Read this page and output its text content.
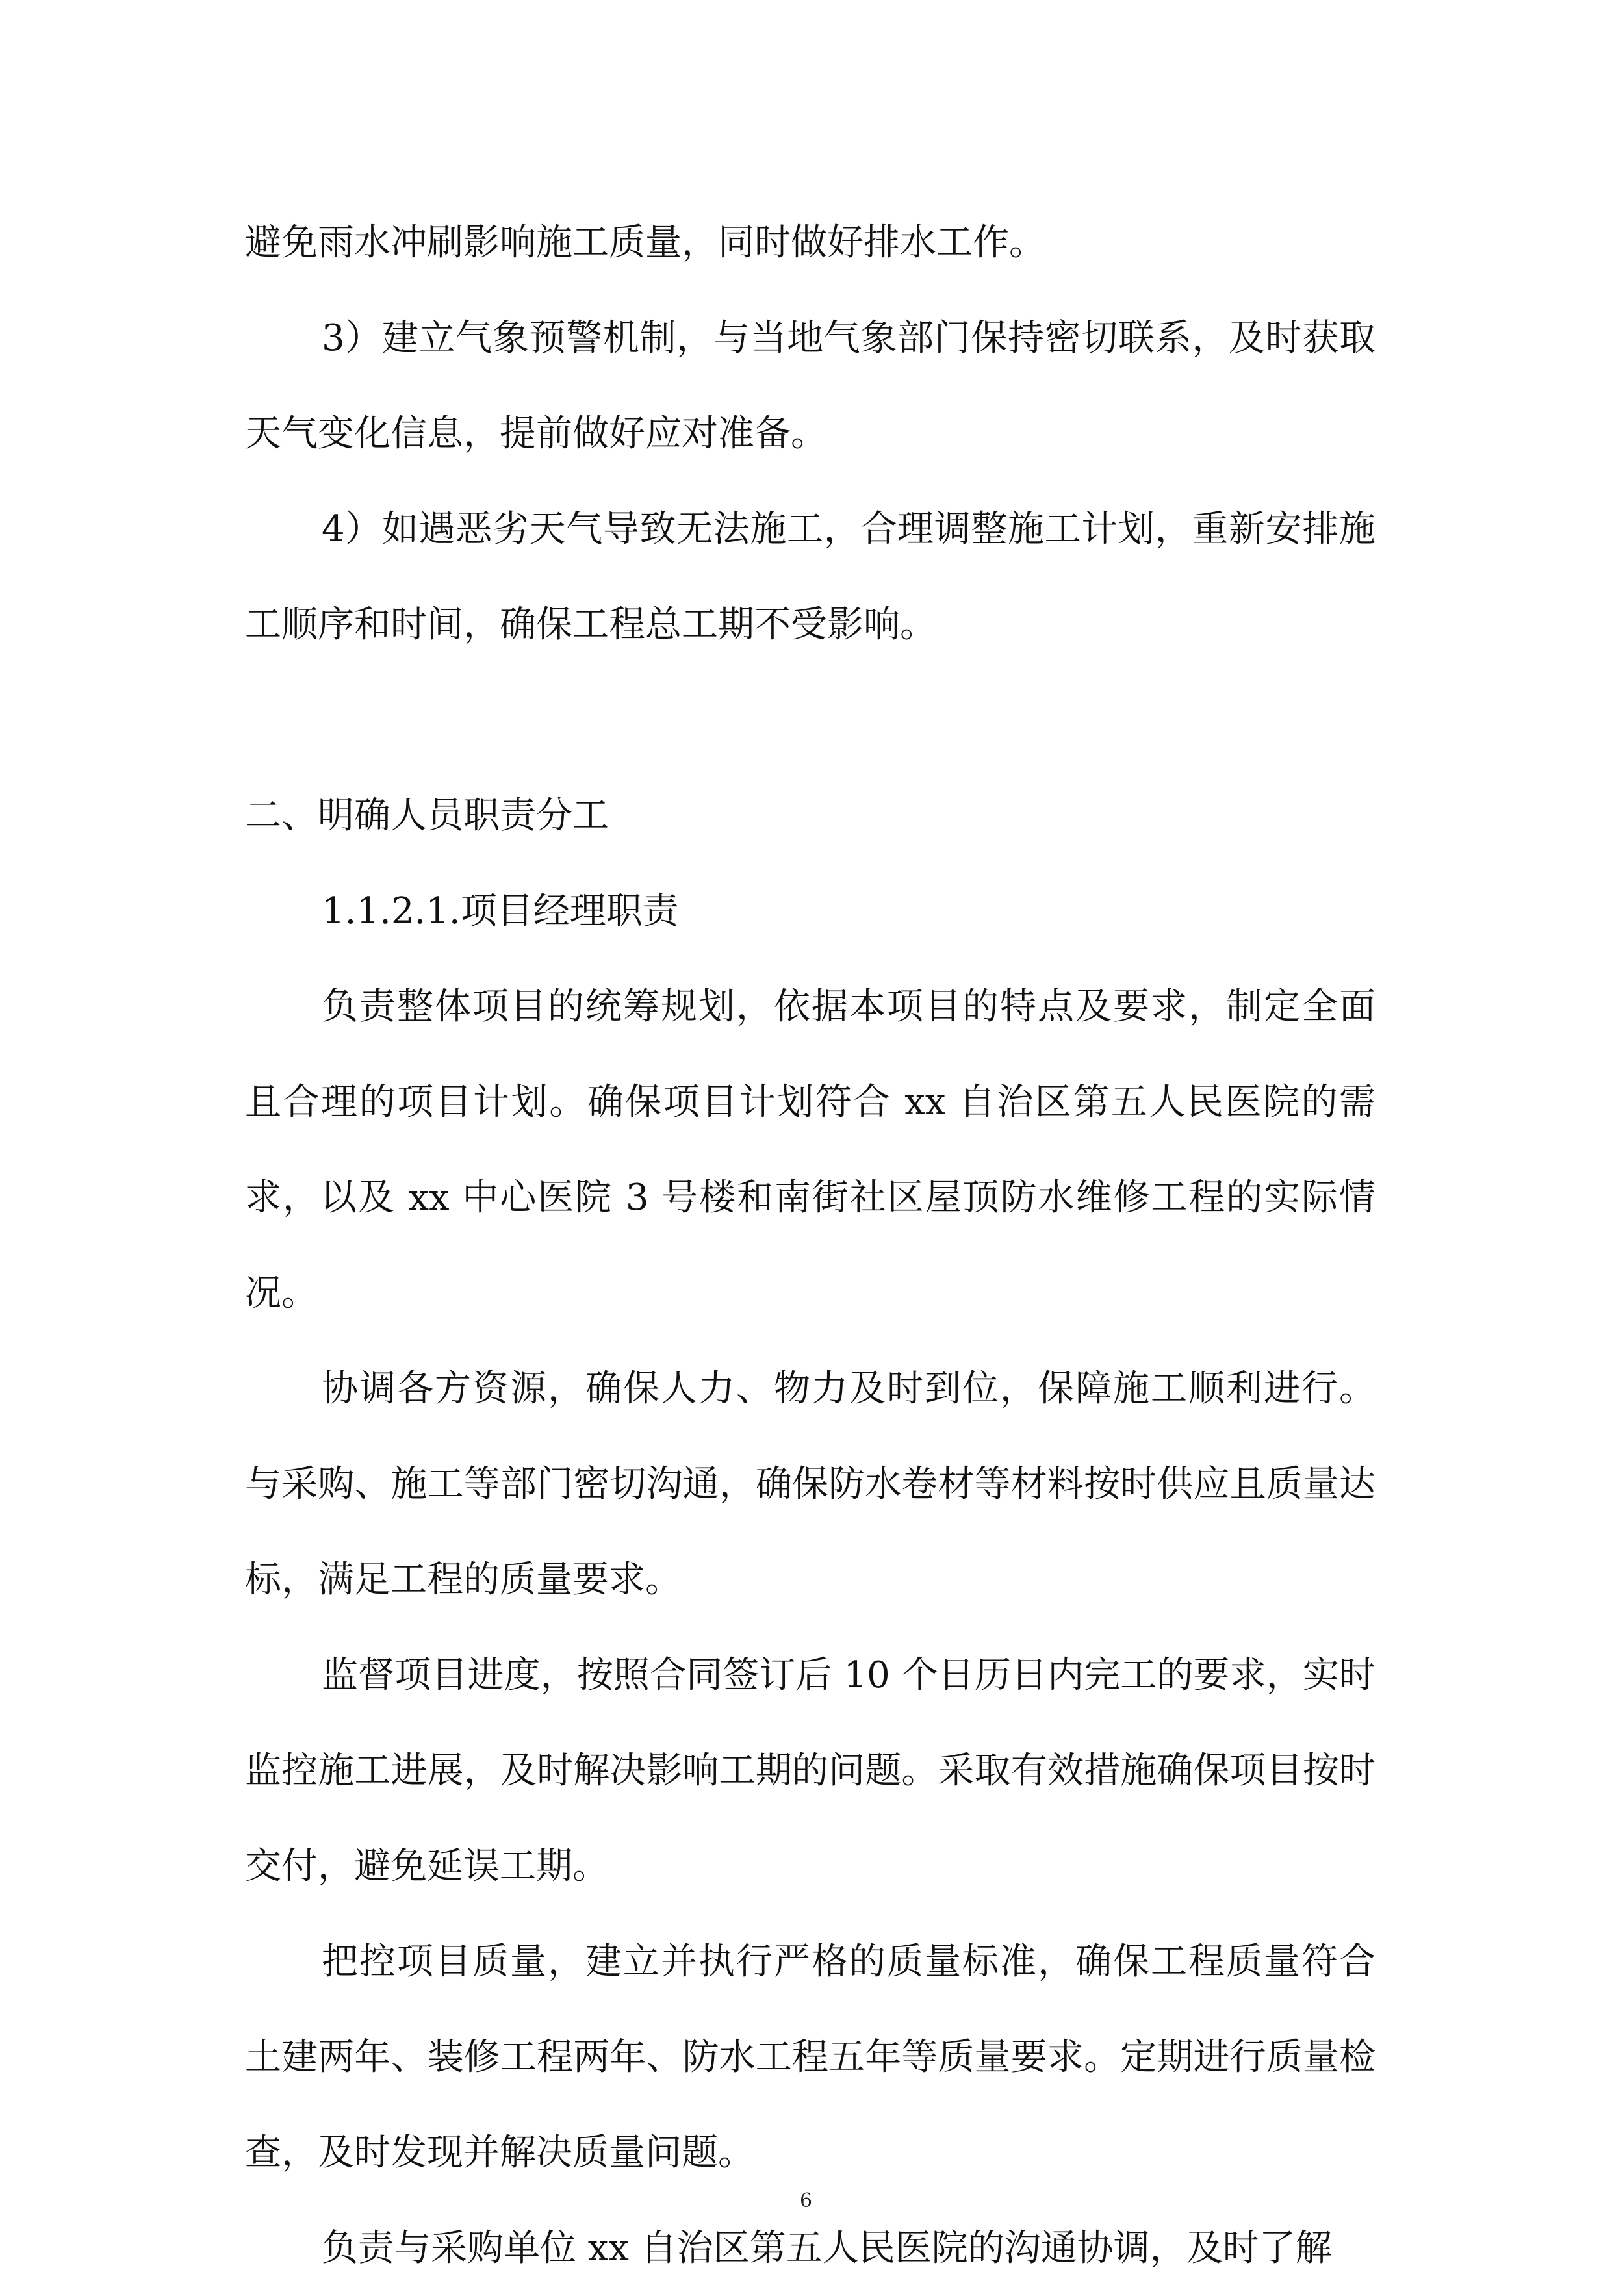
避免雨水冲刷影响施工质量，同时做好排水工作。

3）建立气象预警机制，与当地气象部门保持密切联系，及时获取天气变化信息，提前做好应对准备。

4）如遇恶劣天气导致无法施工，合理调整施工计划，重新安排施工顺序和时间，确保工程总工期不受影响。

二、明确人员职责分工

1.1.2.1.项目经理职责

负责整体项目的统筹规划，依据本项目的特点及要求，制定全面且合理的项目计划。确保项目计划符合 xx 自治区第五人民医院的需求，以及 xx 中心医院 3 号楼和南街社区屋顶防水维修工程的实际情况。

协调各方资源，确保人力、物力及时到位，保障施工顺利进行。与采购、施工等部门密切沟通，确保防水卷材等材料按时供应且质量达标，满足工程的质量要求。

监督项目进度，按照合同签订后 10 个日历日内完工的要求，实时监控施工进展，及时解决影响工期的问题。采取有效措施确保项目按时交付，避免延误工期。

把控项目质量，建立并执行严格的质量标准，确保工程质量符合土建两年、装修工程两年、防水工程五年等质量要求。定期进行质量检查，及时发现并解决质量问题。

负责与采购单位 xx 自治区第五人民医院的沟通协调，及时了解

6
